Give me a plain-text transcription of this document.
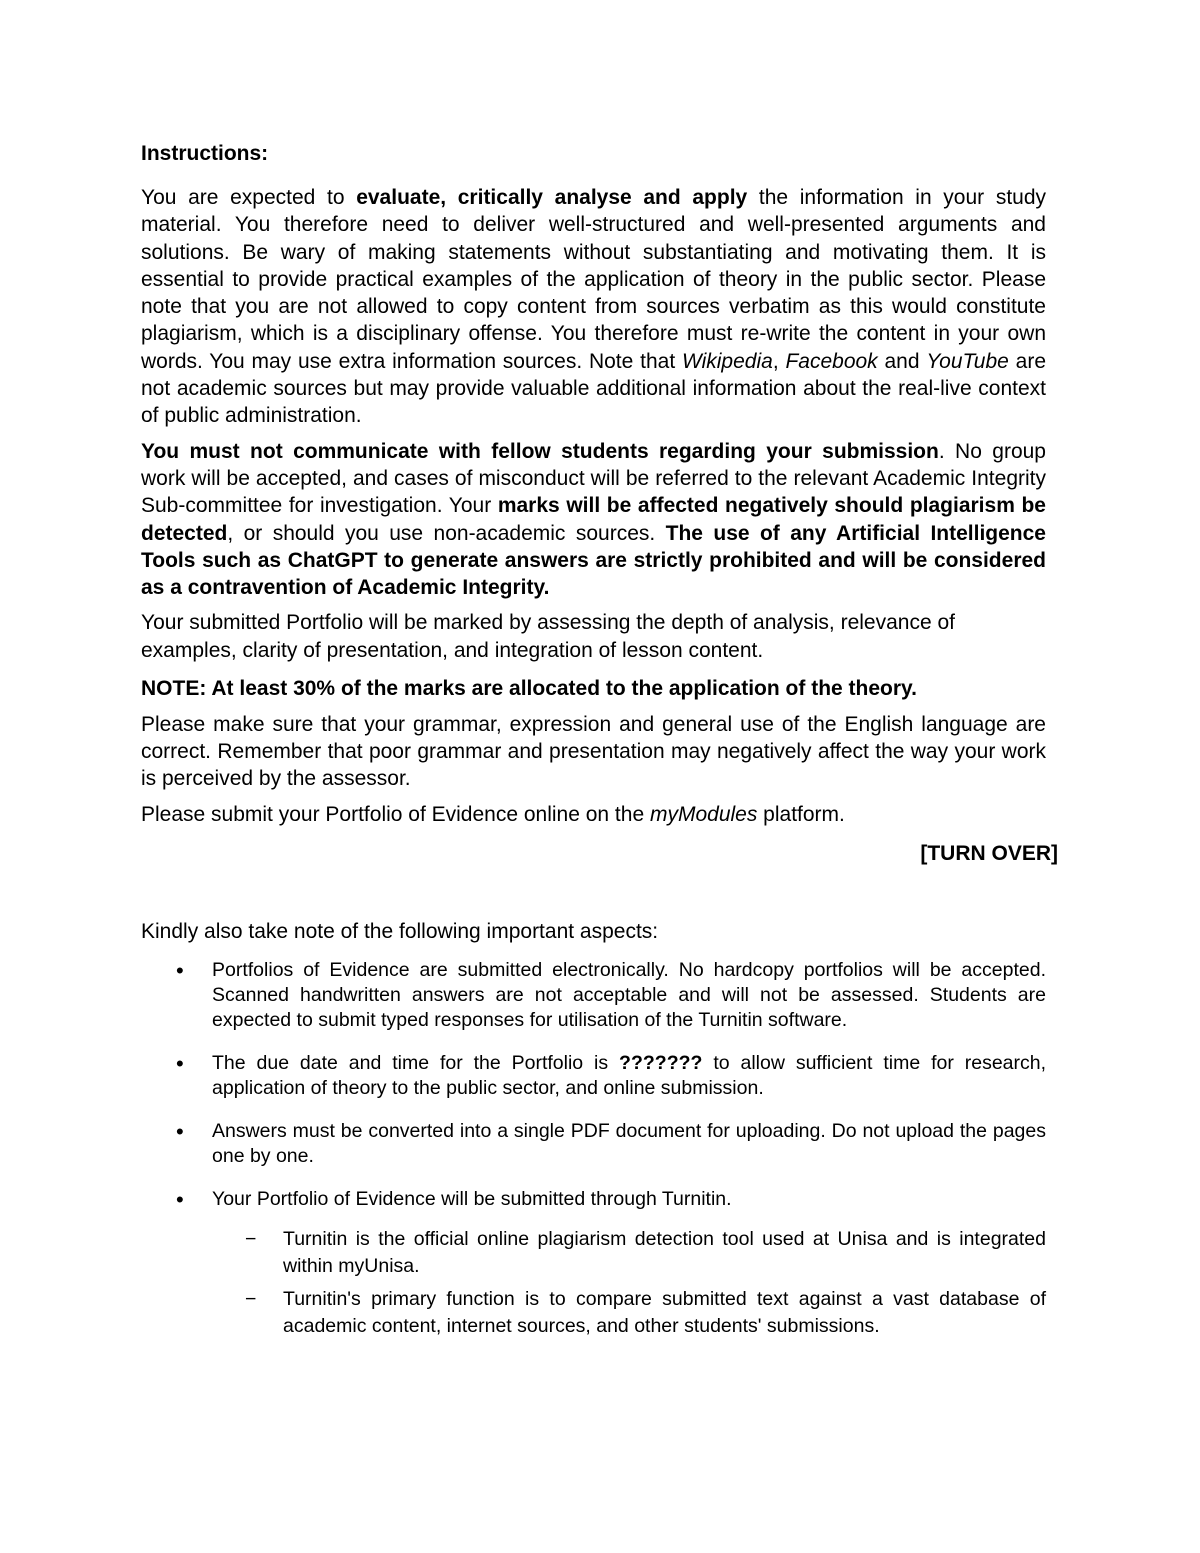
Instructions:

You are expected to evaluate, critically analyse and apply the information in your study material. You therefore need to deliver well-structured and well-presented arguments and solutions. Be wary of making statements without substantiating and motivating them. It is essential to provide practical examples of the application of theory in the public sector. Please note that you are not allowed to copy content from sources verbatim as this would constitute plagiarism, which is a disciplinary offense. You therefore must re-write the content in your own words. You may use extra information sources. Note that Wikipedia, Facebook and YouTube are not academic sources but may provide valuable additional information about the real-live context of public administration.

You must not communicate with fellow students regarding your submission. No group work will be accepted, and cases of misconduct will be referred to the relevant Academic Integrity Sub-committee for investigation. Your marks will be affected negatively should plagiarism be detected, or should you use non-academic sources. The use of any Artificial Intelligence Tools such as ChatGPT to generate answers are strictly prohibited and will be considered as a contravention of Academic Integrity.

Your submitted Portfolio will be marked by assessing the depth of analysis, relevance of examples, clarity of presentation, and integration of lesson content.

NOTE: At least 30% of the marks are allocated to the application of the theory.

Please make sure that your grammar, expression and general use of the English language are correct. Remember that poor grammar and presentation may negatively affect the way your work is perceived by the assessor.

Please submit your Portfolio of Evidence online on the myModules platform.

[TURN OVER]
Kindly also take note of the following important aspects:
• Portfolios of Evidence are submitted electronically. No hardcopy portfolios will be accepted. Scanned handwritten answers are not acceptable and will not be assessed. Students are expected to submit typed responses for utilisation of the Turnitin software.
• The due date and time for the Portfolio is ??????? to allow sufficient time for research, application of theory to the public sector, and online submission.
• Answers must be converted into a single PDF document for uploading. Do not upload the pages one by one.
• Your Portfolio of Evidence will be submitted through Turnitin.
− Turnitin is the official online plagiarism detection tool used at Unisa and is integrated within myUnisa.
− Turnitin's primary function is to compare submitted text against a vast database of academic content, internet sources, and other students' submissions.
